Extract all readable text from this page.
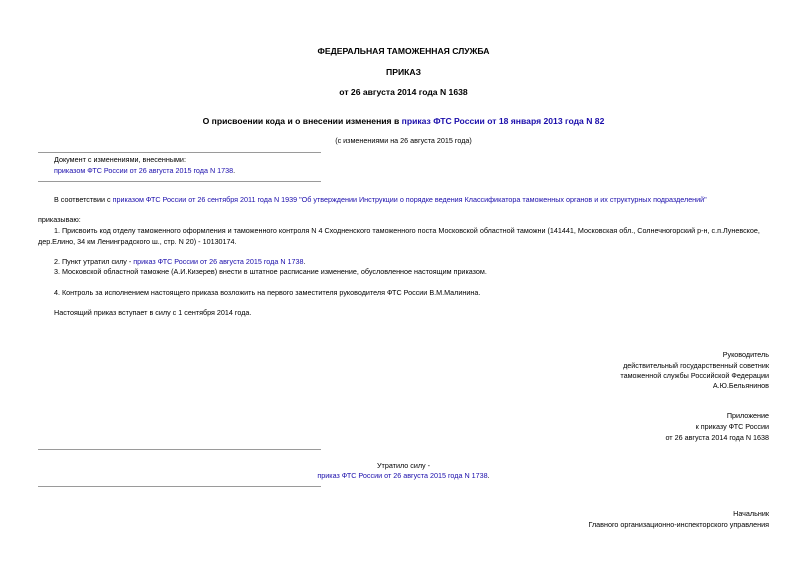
ФЕДЕРАЛЬНАЯ ТАМОЖЕННАЯ СЛУЖБА
ПРИКАЗ
от 26 августа 2014 года N 1638
О присвоении кода и о внесении изменения в приказ ФТС России от 18 января 2013 года N 82
(с изменениями на 26 августа 2015 года)
Документ с изменениями, внесенными:
приказом ФТС России от 26 августа 2015 года N 1738.
В соответствии с приказом ФТС России от 26 сентября 2011 года N 1939 "Об утверждении Инструкции о порядке ведения Классификатора таможенных органов и их структурных подразделений"
приказываю:
1. Присвоить код отделу таможенного оформления и таможенного контроля N 4 Сходненского таможенного поста Московской областной таможни (141441, Московская обл., Солнечногорский р-н, с.п.Луневское,
дер.Елино, 34 км Ленинградского ш., стр. N 20) - 10130174.
2. Пункт утратил силу - приказ ФТС России от 26 августа 2015 года N 1738.
3. Московской областной таможне (А.И.Кизерев) внести в штатное расписание изменение, обусловленное настоящим приказом.
4. Контроль за исполнением настоящего приказа возложить на первого заместителя руководителя ФТС России В.М.Малинина.
Настоящий приказ вступает в силу с 1 сентября 2014 года.
Руководитель
действительный государственный советник
таможенной службы Российской Федерации
А.Ю.Бельянинов
Приложение
к приказу ФТС России
от 26 августа 2014 года N 1638
Утратило силу -
приказ ФТС России от 26 августа 2015 года N 1738.
Начальник
Главного организационно-инспекторского управления
